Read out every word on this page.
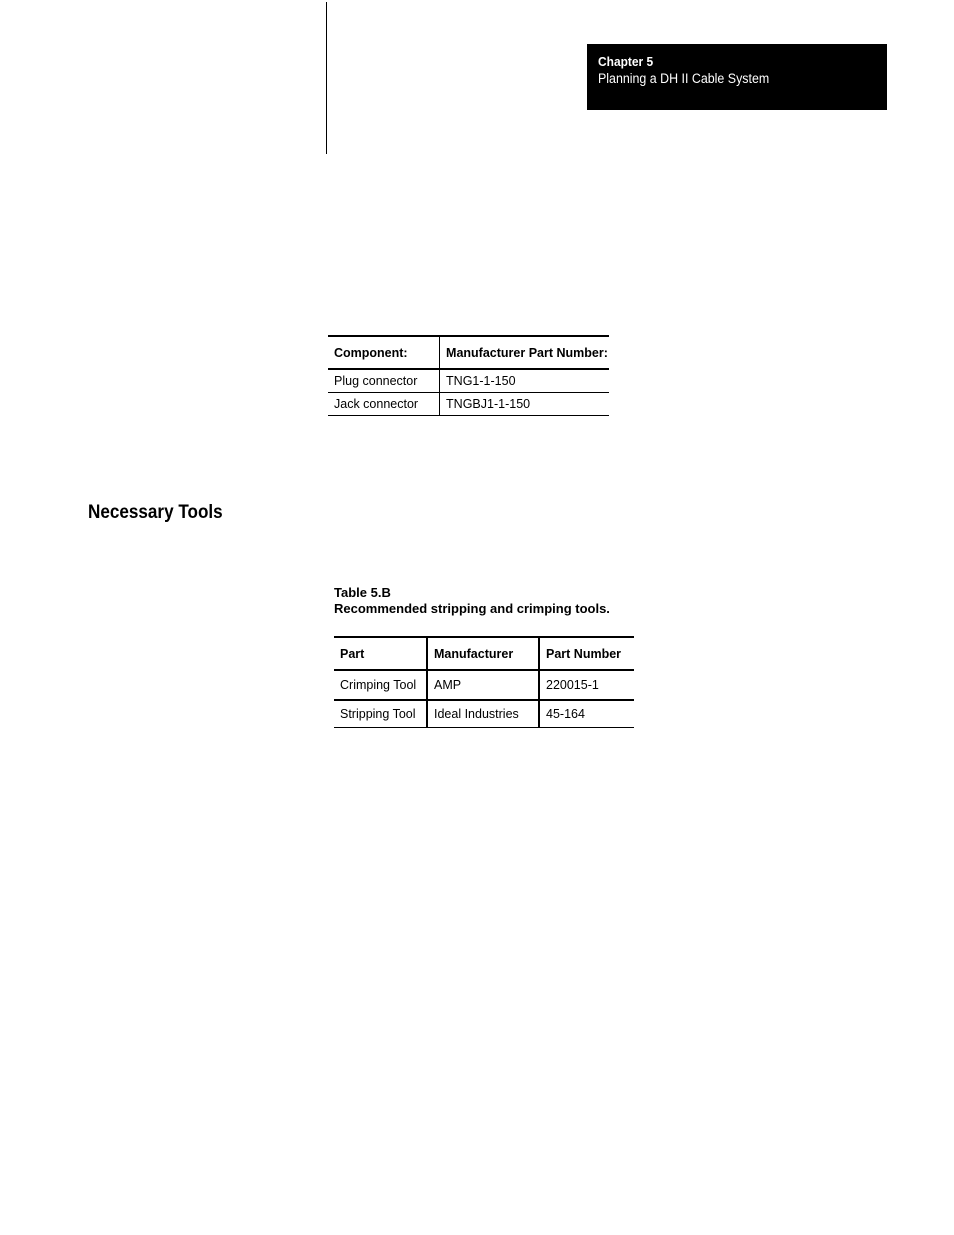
Chapter 5
Planning a DH II Cable System
Component:	Manufacturer Part Number:
Plug connector	TNG1-1-150
Jack connector	TNGBJ1-1-150
Necessary Tools
Table 5.B
Recommended stripping and crimping tools.
Part	Manufacturer	Part Number
Crimping Tool	AMP	220015-1
Stripping Tool	Ideal Industries	45-164
